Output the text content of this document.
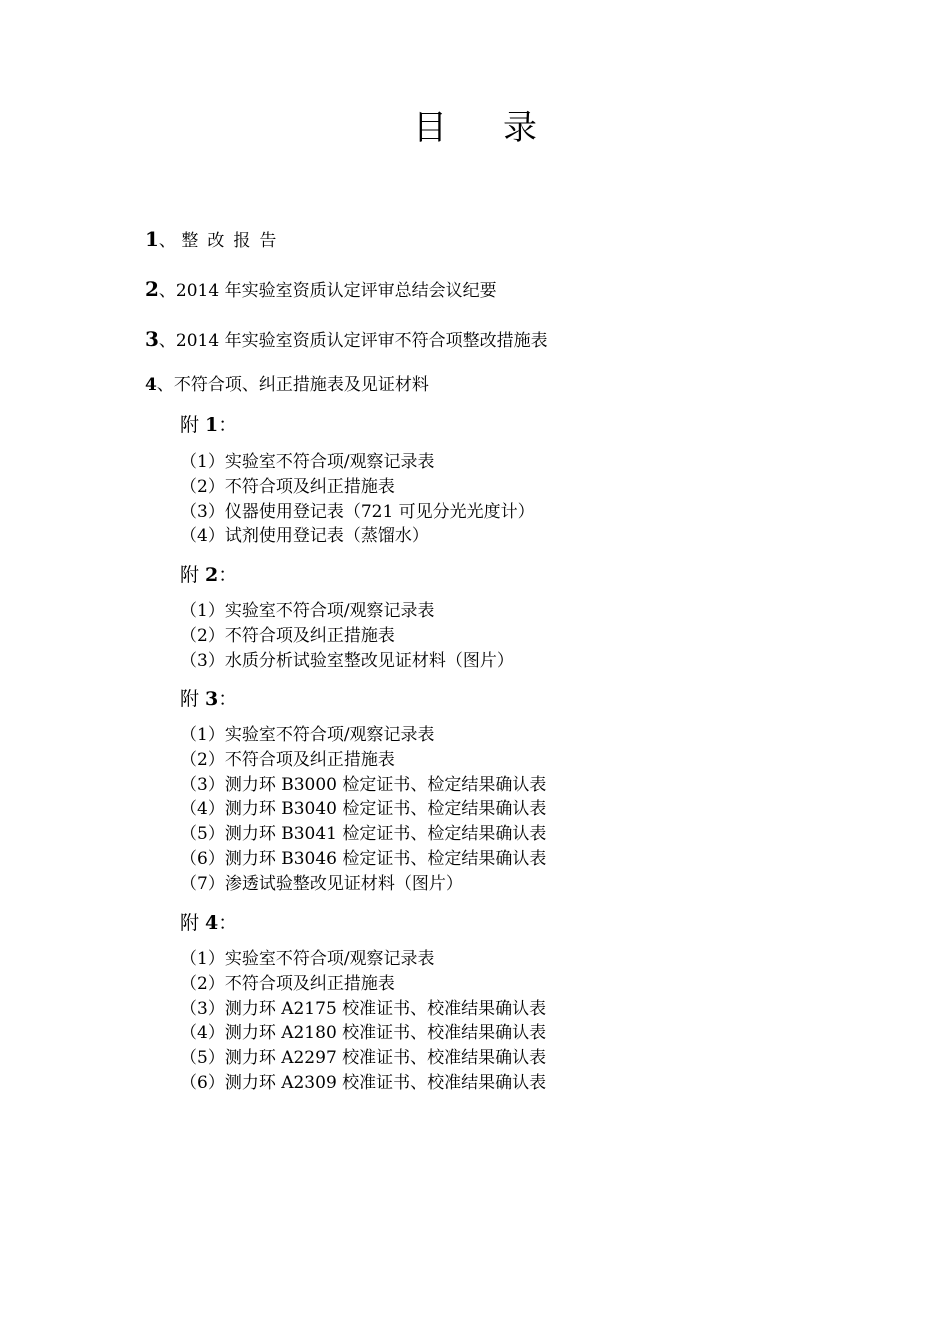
目 录
1、 整改报告
2、2014 年实验室资质认定评审总结会议纪要
3、2014 年实验室资质认定评审不符合项整改措施表
4、不符合项、纠正措施表及见证材料
附 1：
（1）实验室不符合项/观察记录表
（2）不符合项及纠正措施表
（3）仪器使用登记表（721 可见分光光度计）
（4）试剂使用登记表（蒸馏水）
附 2：
（1）实验室不符合项/观察记录表
（2）不符合项及纠正措施表
（3）水质分析试验室整改见证材料（图片）
附 3：
（1）实验室不符合项/观察记录表
（2）不符合项及纠正措施表
（3）测力环 B3000 检定证书、检定结果确认表
（4）测力环 B3040 检定证书、检定结果确认表
（5）测力环 B3041 检定证书、检定结果确认表
（6）测力环 B3046 检定证书、检定结果确认表
（7）渗透试验整改见证材料（图片）
附 4：
（1）实验室不符合项/观察记录表
（2）不符合项及纠正措施表
（3）测力环 A2175 校准证书、校准结果确认表
（4）测力环 A2180 校准证书、校准结果确认表
（5）测力环 A2297 校准证书、校准结果确认表
（6）测力环 A2309 校准证书、校准结果确认表
